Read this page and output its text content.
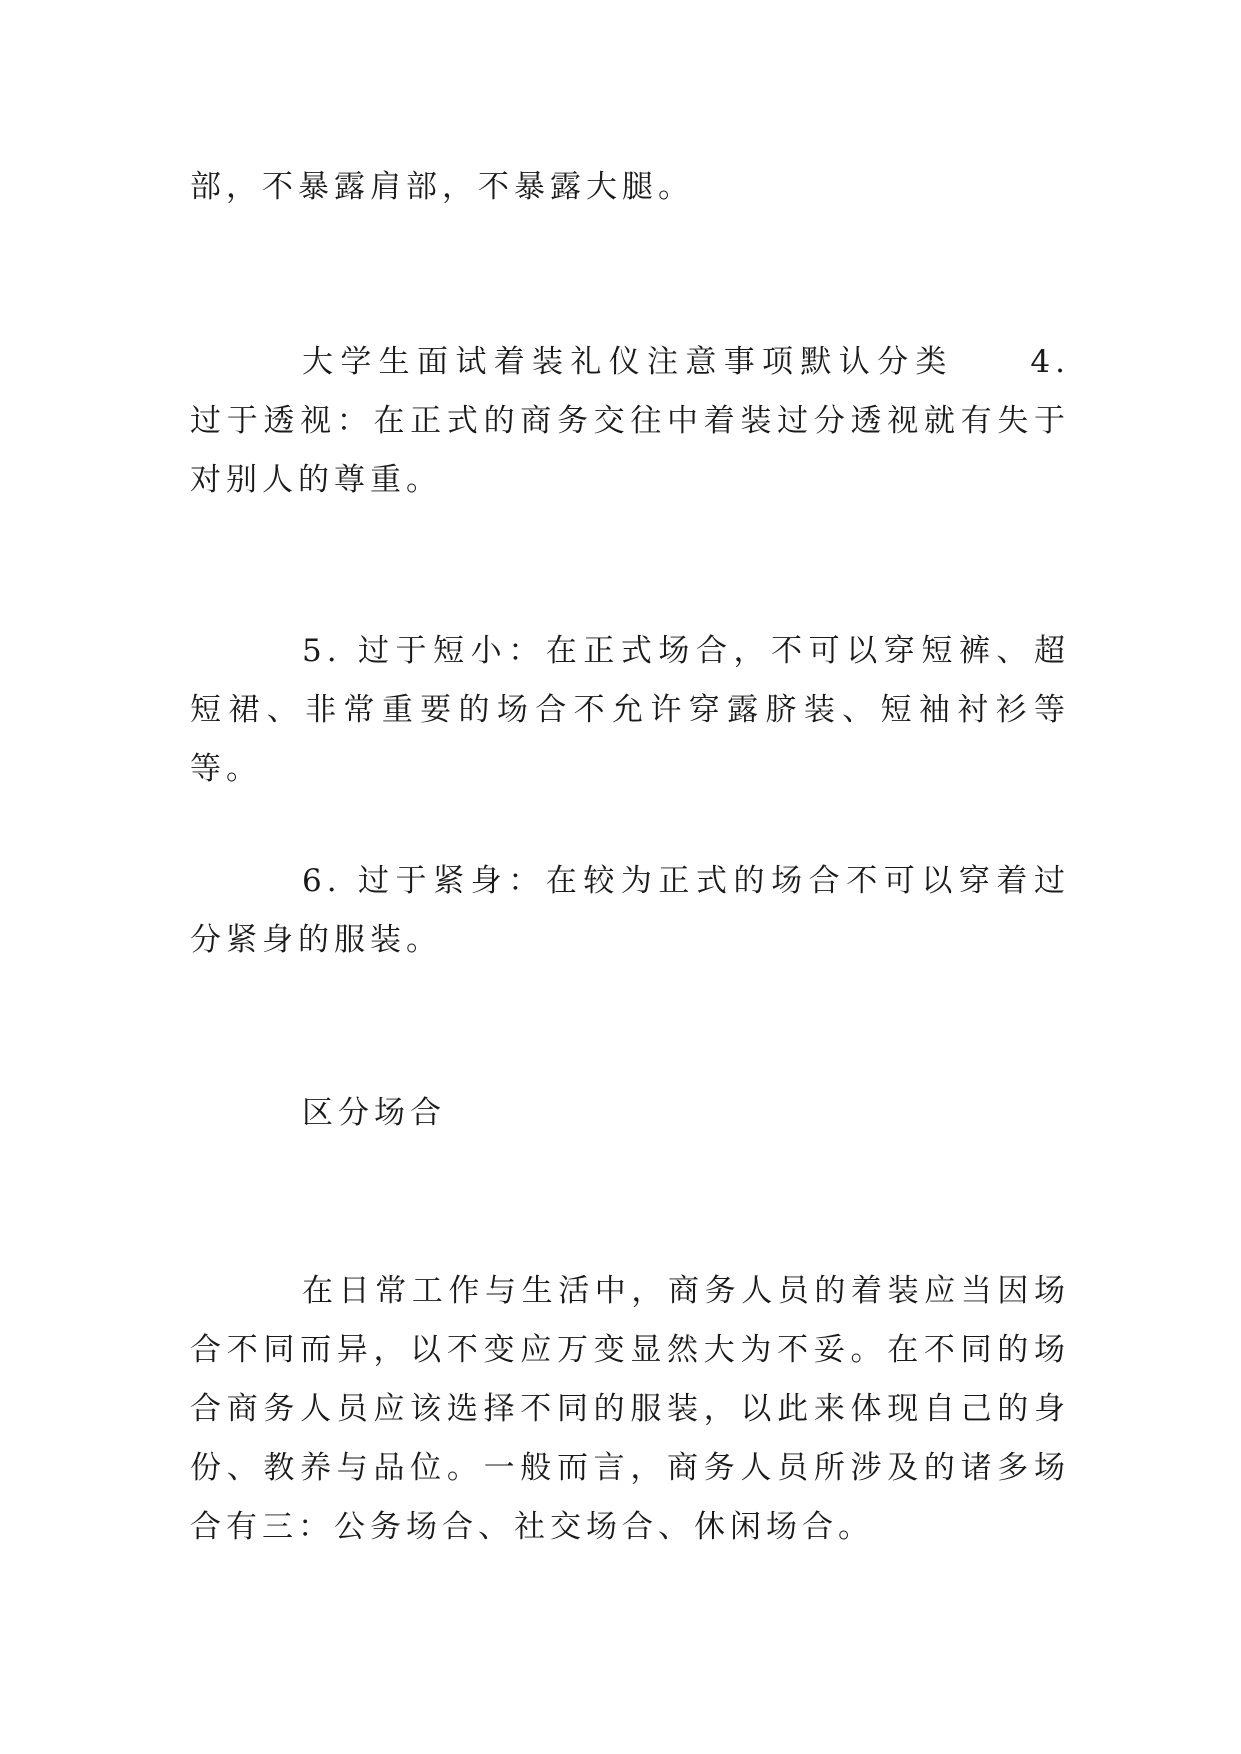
部，不暴露肩部，不暴露大腿。

大学生面试着装礼仪注意事项默认分类　　4. 过于透视：在正式的商务交往中着装过分透视就有失于对别人的尊重。

5. 过于短小：在正式场合，不可以穿短裤、超短裙、非常重要的场合不允许穿露脐装、短袖衬衫等等。

6. 过于紧身：在较为正式的场合不可以穿着过分紧身的服装。

区分场合

在日常工作与生活中，商务人员的着装应当因场合不同而异，以不变应万变显然大为不妥。在不同的场合商务人员应该选择不同的服装，以此来体现自己的身份、教养与品位。一般而言，商务人员所涉及的诸多场合有三：公务场合、社交场合、休闲场合。
